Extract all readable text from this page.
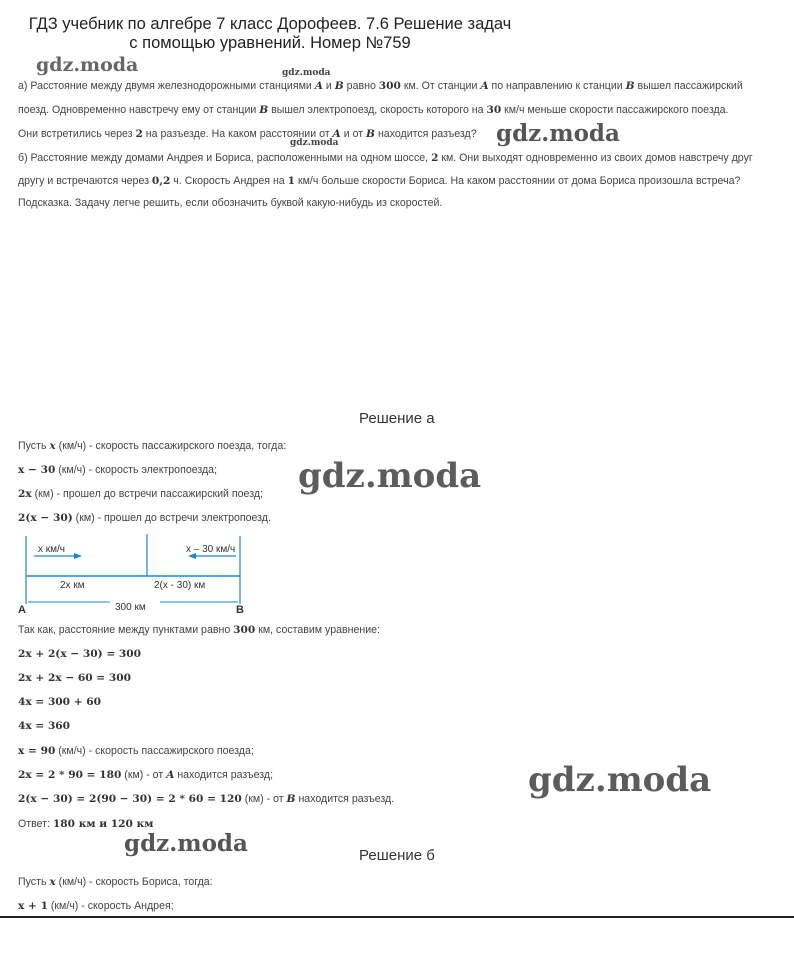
ГДЗ учебник по алгебре 7 класс Дорофеев. 7.6 Решение задач
с помощью уравнений. Номер №759
gdz.moda	gdz.moda
gdz.moda
gdz.moda
gdz.moda
gdz.moda
gdz.moda
а) Расстояние между двумя железнодорожными станциями A и B равно 300 км. От станции A по направлению к станции B вышел пассажирский
поезд. Одновременно навстречу ему от станции B вышел электропоезд, скорость которого на 30 км/ч меньше скорости пассажирского поезда.
Они встретились через 2 на разъезде. На каком расстоянии от A и от B находится разъезд?
б) Расстояние между домами Андрея и Бориса, расположенными на одном шоссе, 2 км. Они выходят одновременно из своих домов навстречу друг
другу и встречаются через 0,2 ч. Скорость Андрея на 1 км/ч больше скорости Бориса. На каком расстоянии от дома Бориса произошла встреча?
Подсказка. Задачу легче решить, если обозначить буквой какую-нибудь из скоростей.
Решение а
Пусть x (км/ч) - скорость пассажирского поезда, тогда:
x − 30 (км/ч) - скорость электропоезда;
2x (км) - прошел до встречи пассажирский поезд;
2(x − 30) (км) - прошел до встречи электропоезд.
x км/ч	x – 30 км/ч
2x км	2(x - 30) км
300 км
A	B
Так как, расстояние между пунктами равно 300 км, составим уравнение:
2x + 2(x − 30) = 300
2x + 2x − 60 = 300
4x = 300 + 60
4x = 360
x = 90 (км/ч) - скорость пассажирского поезда;
2x = 2 * 90 = 180 (км) - от A находится разъезд;
2(x − 30) = 2(90 − 30) = 2 * 60 = 120 (км) - от B находится разъезд.
Ответ: 180 км и 120 км
Решение б
Пусть x (км/ч) - скорость Бориса, тогда:
x + 1 (км/ч) - скорость Андрея;
